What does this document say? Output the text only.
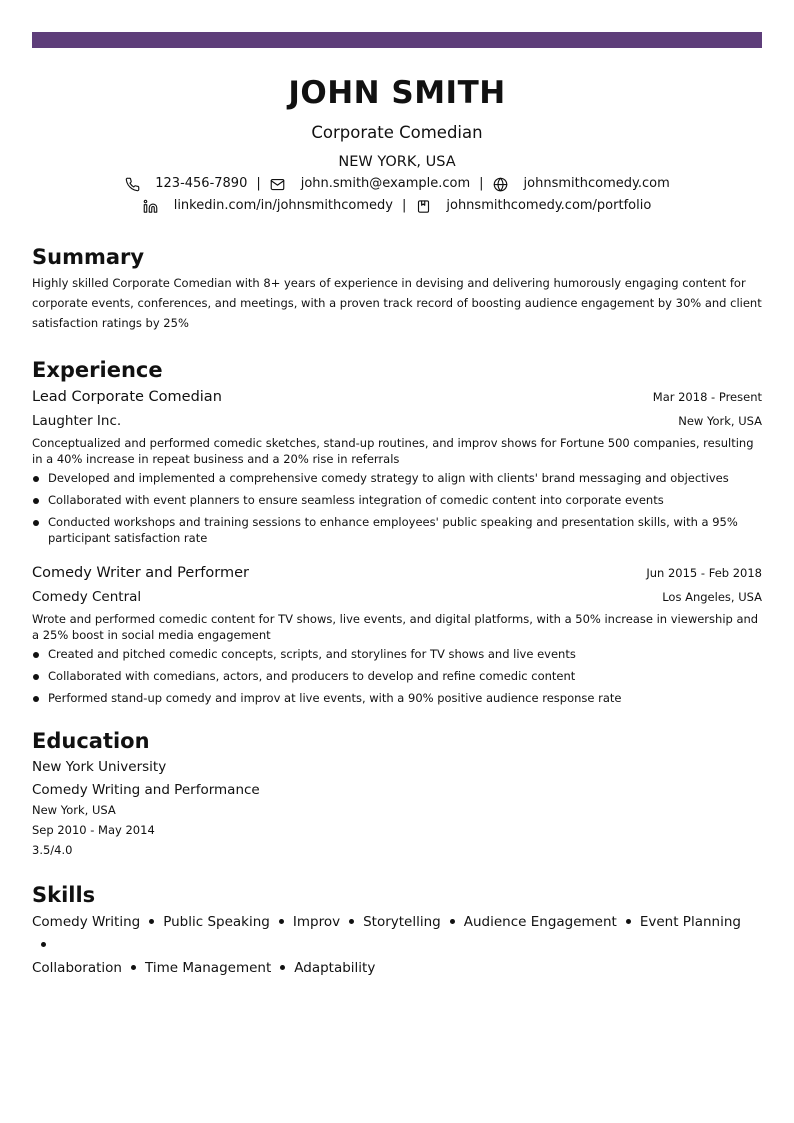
JOHN SMITH
Corporate Comedian
NEW YORK, USA
123-456-7890 |	john.smith@example.com |	johnsmithcomedy.com
linkedin.com/in/johnsmithcomedy |	johnsmithcomedy.com/portfolio
Summary
Highly skilled Corporate Comedian with 8+ years of experience in devising and delivering humorously engaging content for corporate events, conferences, and meetings, with a proven track record of boosting audience engagement by 30% and client satisfaction ratings by 25%
Experience
Lead Corporate Comedian	Mar 2018 - Present
Laughter Inc.	New York, USA
Conceptualized and performed comedic sketches, stand-up routines, and improv shows for Fortune 500 companies, resulting in a 40% increase in repeat business and a 20% rise in referrals
Developed and implemented a comprehensive comedy strategy to align with clients' brand messaging and objectives
Collaborated with event planners to ensure seamless integration of comedic content into corporate events
Conducted workshops and training sessions to enhance employees' public speaking and presentation skills, with a 95% participant satisfaction rate
Comedy Writer and Performer	Jun 2015 - Feb 2018
Comedy Central	Los Angeles, USA
Wrote and performed comedic content for TV shows, live events, and digital platforms, with a 50% increase in viewership and a 25% boost in social media engagement
Created and pitched comedic concepts, scripts, and storylines for TV shows and live events
Collaborated with comedians, actors, and producers to develop and refine comedic content
Performed stand-up comedy and improv at live events, with a 90% positive audience response rate
Education
New York University
Comedy Writing and Performance
New York, USA
Sep 2010 - May 2014
3.5/4.0
Skills
Comedy Writing Public Speaking Improv Storytelling Audience Engagement Event Planning
Collaboration Time Management Adaptability
